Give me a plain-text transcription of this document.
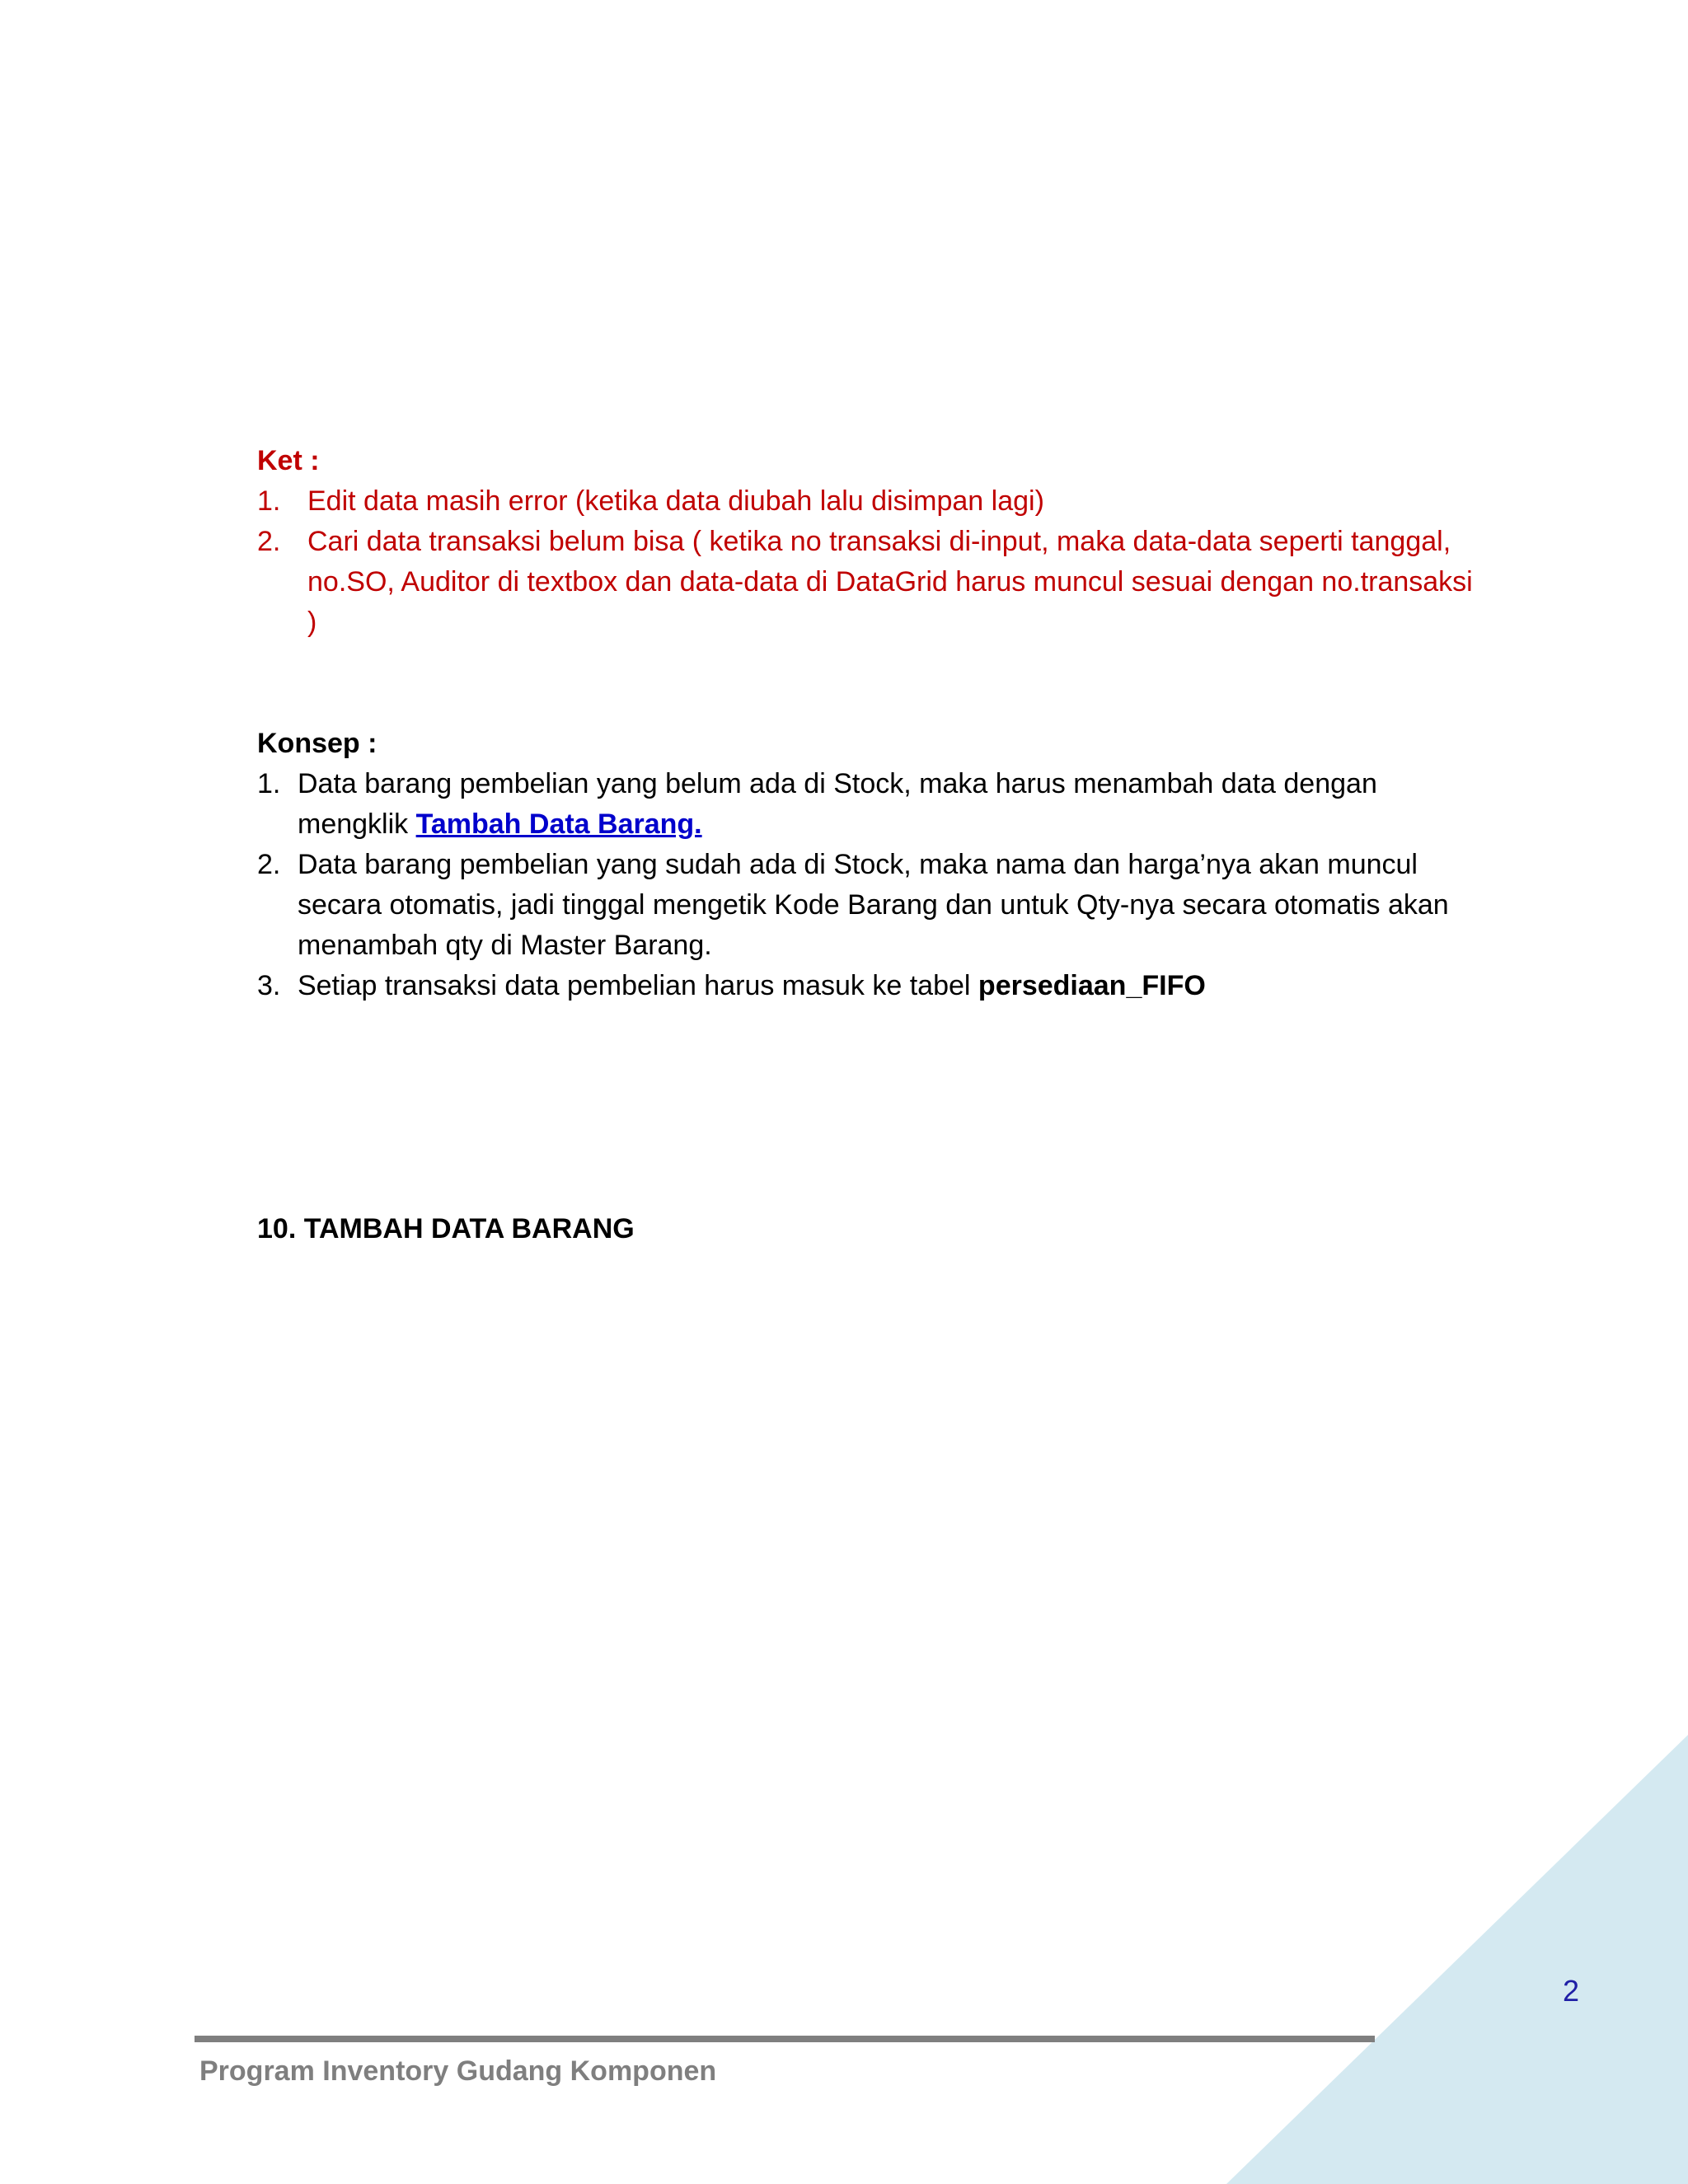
Ket :

1. Edit data masih error (ketika data diubah lalu disimpan lagi)
2. Cari data transaksi belum bisa ( ketika no transaksi di-input, maka data-data seperti tanggal, no.SO, Auditor di textbox dan data-data di DataGrid harus muncul sesuai dengan no.transaksi )

Konsep :

1. Data barang pembelian yang belum ada di Stock, maka harus menambah data dengan mengklik Tambah Data Barang.
2. Data barang pembelian yang sudah ada di Stock, maka nama dan harga’nya akan muncul secara otomatis, jadi tinggal mengetik Kode Barang dan untuk Qty-nya secara otomatis akan menambah qty di Master Barang.
3. Setiap transaksi data pembelian harus masuk ke tabel persediaan_FIFO

10. TAMBAH DATA BARANG

2
Program Inventory Gudang Komponen
